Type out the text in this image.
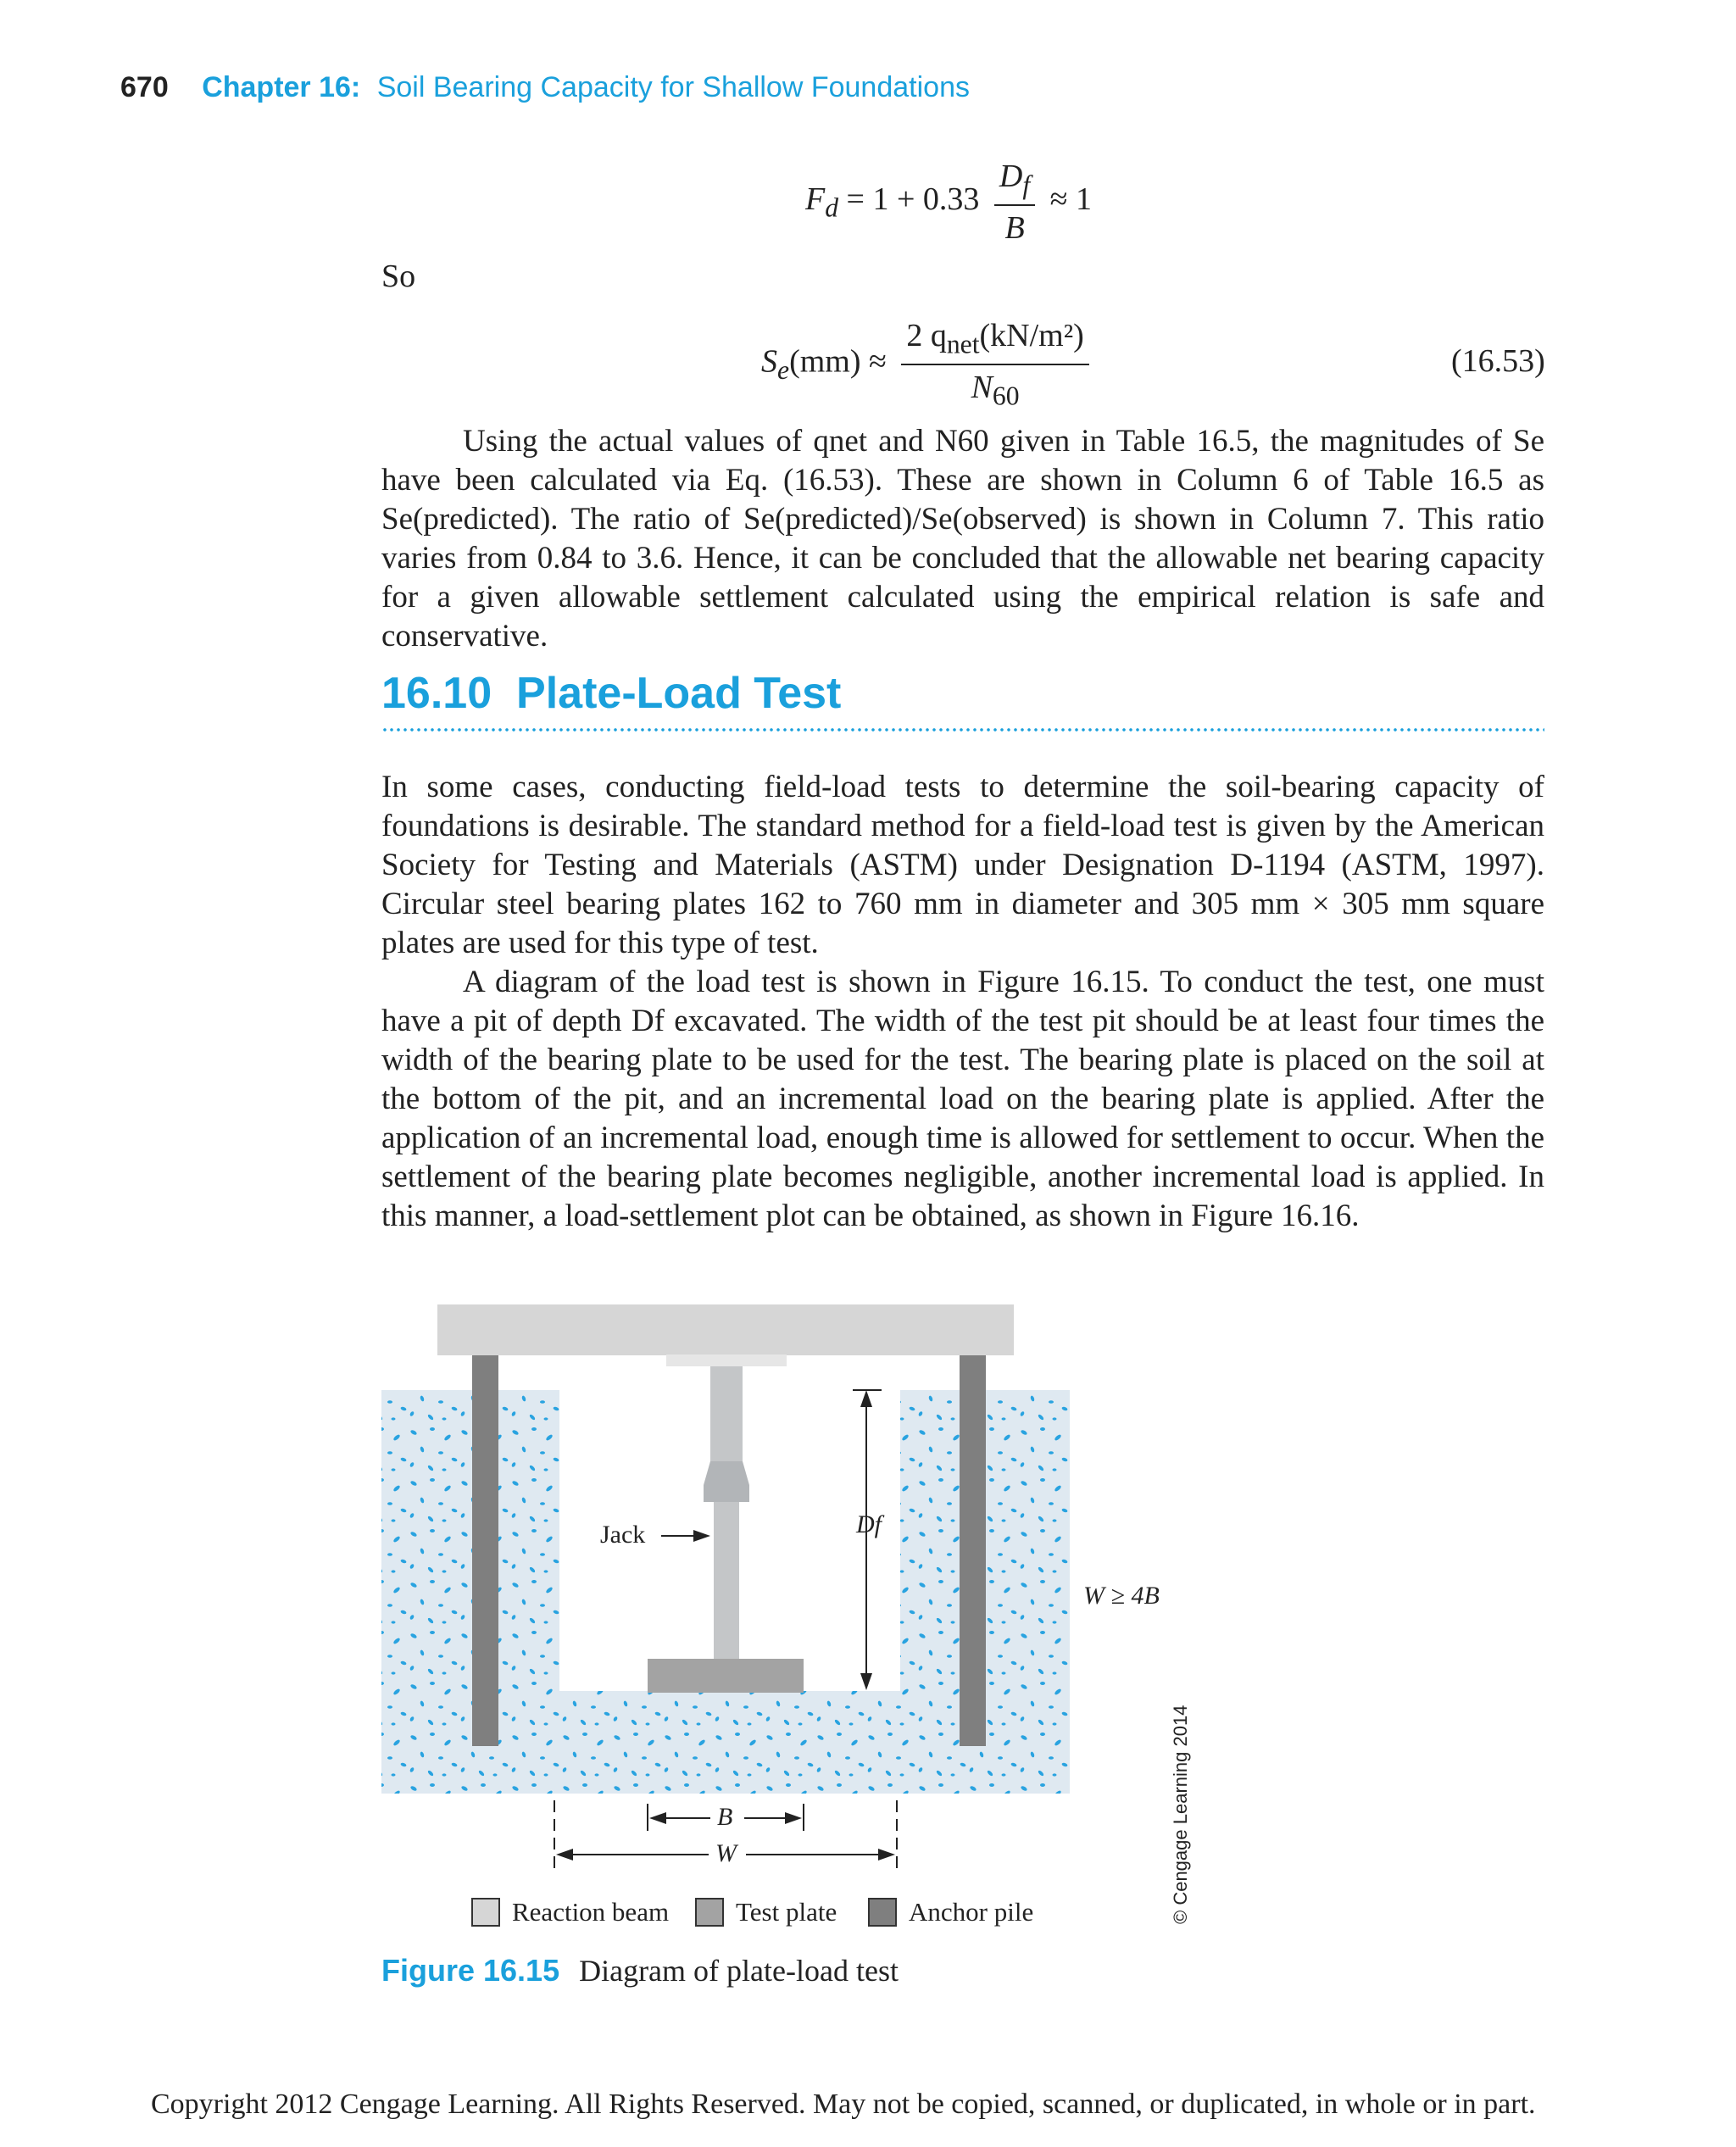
670 Chapter 16: Soil Bearing Capacity for Shallow Foundations
$F_d = 1 + 0.33 \frac{D_f}{B} \approx 1$
So
$S_e(mm) \approx \frac{2 q_{net}(kN/m^2)}{N_{60}}$	(16.53)

Using the actual values of qnet and N60 given in Table 16.5, the magnitudes of Se have been calculated via Eq. (16.53). These are shown in Column 6 of Table 16.5 as Se(predicted). The ratio of Se(predicted)/Se(observed) is shown in Column 7. This ratio varies from 0.84 to 3.6. Hence, it can be concluded that the allowable net bearing capacity for a given allowable settlement calculated using the empirical relation is safe and conservative.

16.10 Plate-Load Test

In some cases, conducting field-load tests to determine the soil-bearing capacity of foundations is desirable. The standard method for a field-load test is given by the American Society for Testing and Materials (ASTM) under Designation D-1194 (ASTM, 1997). Circular steel bearing plates 162 to 760 mm in diameter and 305 mm × 305 mm square plates are used for this type of test.

A diagram of the load test is shown in Figure 16.15. To conduct the test, one must have a pit of depth Df excavated. The width of the test pit should be at least four times the width of the bearing plate to be used for the test. The bearing plate is placed on the soil at the bottom of the pit, and an incremental load on the bearing plate is applied. After the application of an incremental load, enough time is allowed for settlement to occur. When the settlement of the bearing plate becomes negligible, another incremental load is applied. In this manner, a load-settlement plot can be obtained, as shown in Figure 16.16.

Jack	Df
W ≥ 4B
B
W
Reaction beam	Test plate	Anchor pile	© Cengage Learning 2014
Figure 16.15 Diagram of plate-load test
Copyright 2012 Cengage Learning. All Rights Reserved. May not be copied, scanned, or duplicated, in whole or in part.
